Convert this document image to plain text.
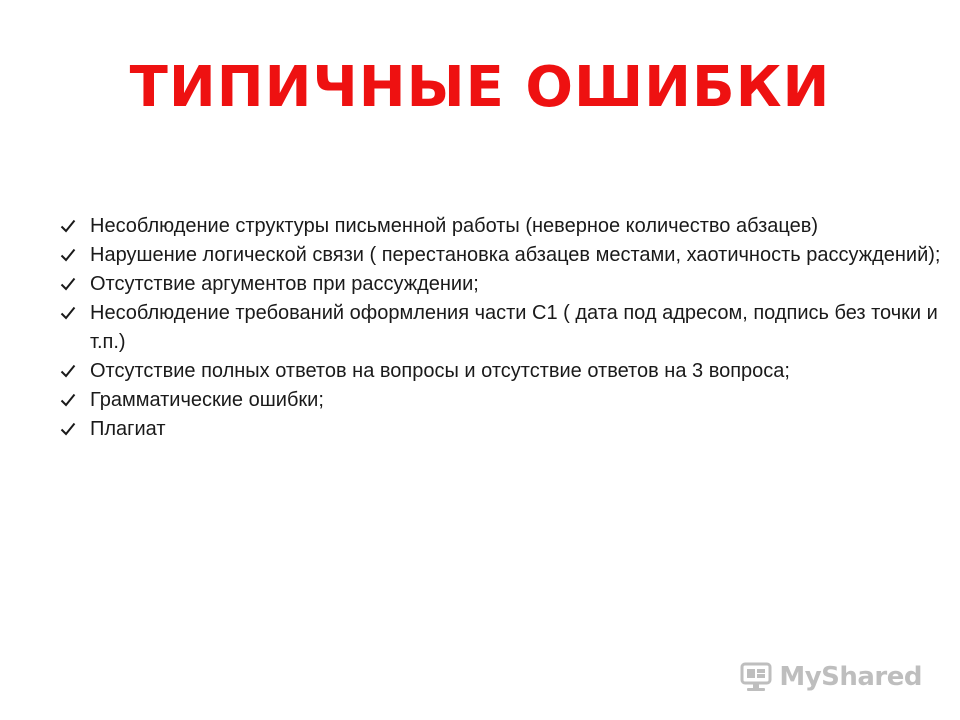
ТИПИЧНЫЕ ОШИБКИ
Несоблюдение структуры письменной работы (неверное количество абзацев)
Нарушение логической связи ( перестановка абзацев местами, хаотичность рассуждений);
Отсутствие аргументов при рассуждении;
Несоблюдение требований оформления части С1 ( дата под адресом, подпись без точки и т.п.)
Отсутствие полных ответов на вопросы и отсутствие ответов на 3 вопроса;
Грамматические ошибки;
Плагиат
MyShared
